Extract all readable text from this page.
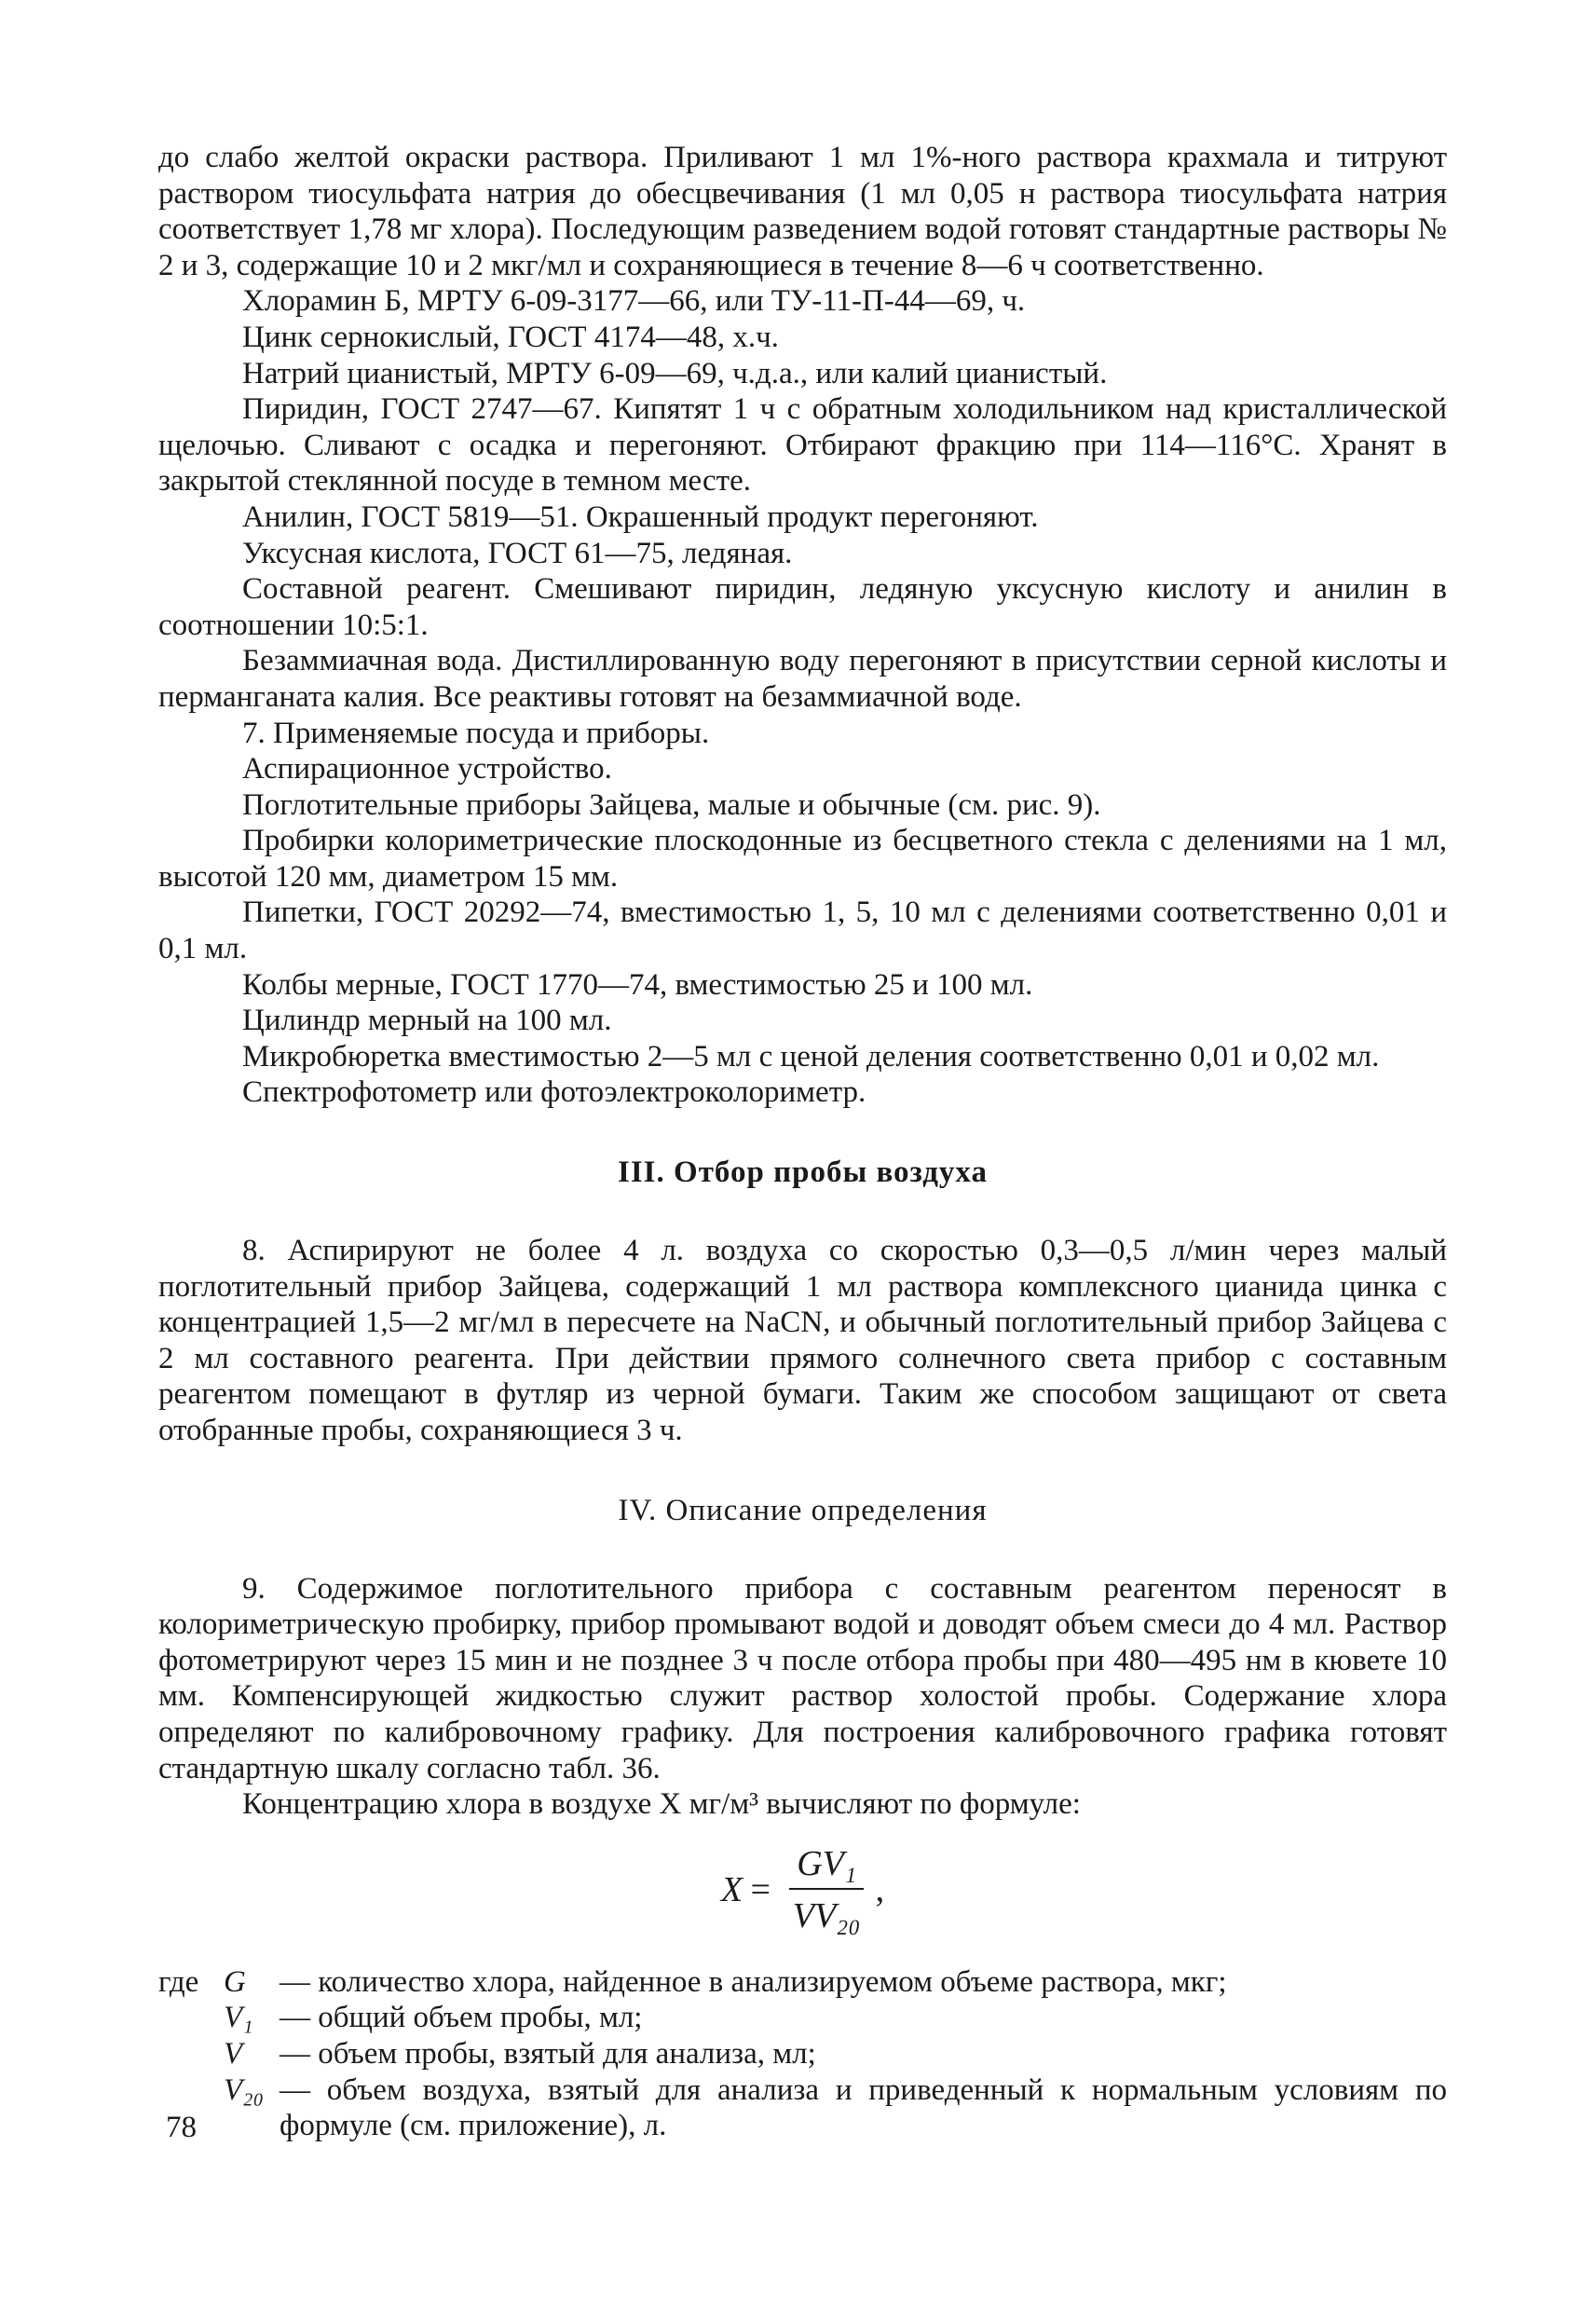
до слабо желтой окраски раствора. Приливают 1 мл 1%-ного раствора крахмала и титруют раствором тиосульфата натрия до обесцвечивания (1 мл 0,05 н раствора тиосульфата натрия соответствует 1,78 мг хлора). Последующим разведением водой готовят стандартные растворы № 2 и 3, содержащие 10 и 2 мкг/мл и сохраняющиеся в течение 8—6 ч соответственно.

Хлорамин Б, МРТУ 6-09-3177—66, или ТУ-11-П-44—69, ч.

Цинк сернокислый, ГОСТ 4174—48, х.ч.

Натрий цианистый, МРТУ 6-09—69, ч.д.а., или калий цианистый.

Пиридин, ГОСТ 2747—67. Кипятят 1 ч с обратным холодильником над кристаллической щелочью. Сливают с осадка и перегоняют. Отбирают фракцию при 114—116°С. Хранят в закрытой стеклянной посуде в темном месте.

Анилин, ГОСТ 5819—51. Окрашенный продукт перегоняют.

Уксусная кислота, ГОСТ 61—75, ледяная.

Составной реагент. Смешивают пиридин, ледяную уксусную кислоту и анилин в соотношении 10:5:1.

Безаммиачная вода. Дистиллированную воду перегоняют в присутствии серной кислоты и перманганата калия. Все реактивы готовят на безаммиачной воде.

7. Применяемые посуда и приборы.

Аспирационное устройство.

Поглотительные приборы Зайцева, малые и обычные (см. рис. 9).

Пробирки колориметрические плоскодонные из бесцветного стекла с делениями на 1 мл, высотой 120 мм, диаметром 15 мм.

Пипетки, ГОСТ 20292—74, вместимостью 1, 5, 10 мл с делениями соответственно 0,01 и 0,1 мл.

Колбы мерные, ГОСТ 1770—74, вместимостью 25 и 100 мл.

Цилиндр мерный на 100 мл.

Микробюретка вместимостью 2—5 мл с ценой деления соответственно 0,01 и 0,02 мл.

Спектрофотометр или фотоэлектроколориметр.

III. Отбор пробы воздуха

8. Аспирируют не более 4 л. воздуха со скоростью 0,3—0,5 л/мин через малый поглотительный прибор Зайцева, содержащий 1 мл раствора комплексного цианида цинка с концентрацией 1,5—2 мг/мл в пересчете на NaCN, и обычный поглотительный прибор Зайцева с 2 мл составного реагента. При действии прямого солнечного света прибор с составным реагентом помещают в футляр из черной бумаги. Таким же способом защищают от света отобранные пробы, сохраняющиеся 3 ч.

IV. Описание определения

9. Содержимое поглотительного прибора с составным реагентом переносят в колориметрическую пробирку, прибор промывают водой и доводят объем смеси до 4 мл. Раствор фотометрируют через 15 мин и не позднее 3 ч после отбора пробы при 480—495 нм в кювете 10 мм. Компенсирующей жидкостью служит раствор холостой пробы. Содержание хлора определяют по калибровочному графику. Для построения калибровочного графика готовят стандартную шкалу согласно табл. 36.

Концентрацию хлора в воздухе X мг/м³ вычисляют по формуле:

$X = \frac{\text{GV₁}}{\text{VV₂₀}}$ ,
где G	— количество хлора, найденное в анализируемом объеме раствора, мкг;
V₁ — общий объем пробы, мл;
V	— объем пробы, взятый для анализа, мл;
V₂₀ — объем воздуха, взятый для анализа и приведенный к нормальным условиям по формуле (см. приложение), л.
78
